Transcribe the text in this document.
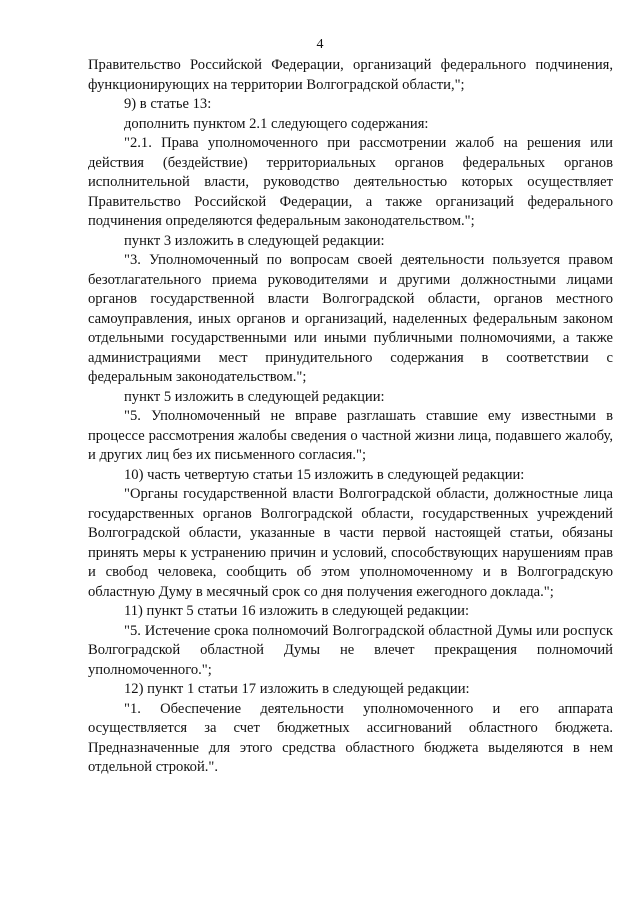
4

Правительство Российской Федерации, организаций федерального подчинения, функционирующих на территории Волгоградской области,";

9) в статье 13:

дополнить пунктом 2.1 следующего содержания:

"2.1. Права уполномоченного при рассмотрении жалоб на решения или действия (бездействие) территориальных органов федеральных органов исполнительной власти, руководство деятельностью которых осуществляет Правительство Российской Федерации, а также организаций федерального подчинения определяются федеральным законодательством.";

пункт 3 изложить в следующей редакции:

"3. Уполномоченный по вопросам своей деятельности пользуется правом безотлагательного приема руководителями и другими должностными лицами органов государственной власти Волгоградской области, органов местного самоуправления, иных органов и организаций, наделенных федеральным законом отдельными государственными или иными публичными полномочиями, а также администрациями мест принудительного содержания в соответствии с федеральным законодательством.";

пункт 5 изложить в следующей редакции:

"5. Уполномоченный не вправе разглашать ставшие ему известными в процессе рассмотрения жалобы сведения о частной жизни лица, подавшего жалобу, и других лиц без их письменного согласия.";

10) часть четвертую статьи 15 изложить в следующей редакции:

"Органы государственной власти Волгоградской области, должностные лица государственных органов Волгоградской области, государственных учреждений Волгоградской области, указанные в части первой настоящей статьи, обязаны принять меры к устранению причин и условий, способствующих нарушениям прав и свобод человека, сообщить об этом уполномоченному и в Волгоградскую областную Думу в месячный срок со дня получения ежегодного доклада.";

11) пункт 5 статьи 16 изложить в следующей редакции:

"5. Истечение срока полномочий Волгоградской областной Думы или роспуск Волгоградской областной Думы не влечет прекращения полномочий уполномоченного.";

12) пункт 1 статьи 17 изложить в следующей редакции:

"1. Обеспечение деятельности уполномоченного и его аппарата осуществляется за счет бюджетных ассигнований областного бюджета. Предназначенные для этого средства областного бюджета выделяются в нем отдельной строкой.".
